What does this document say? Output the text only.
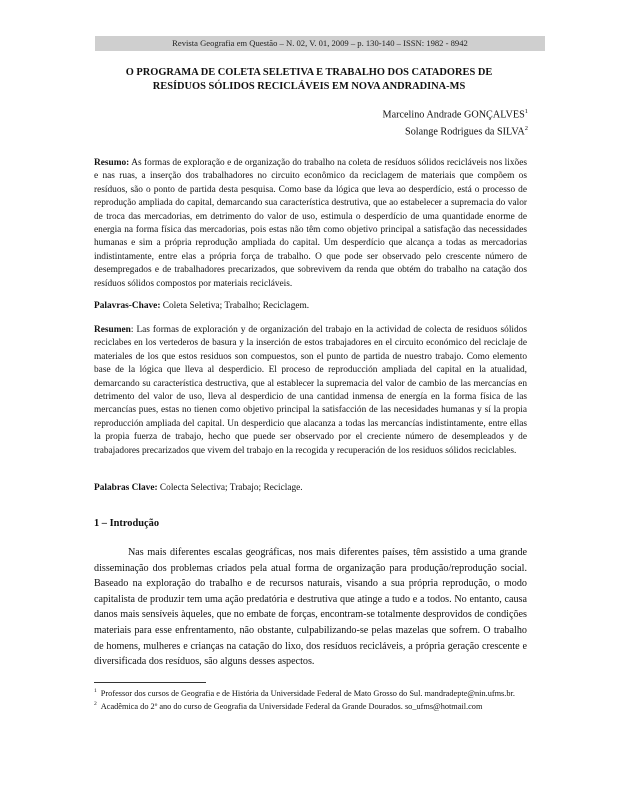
Revista Geografia em Questão – N. 02, V. 01, 2009 – p. 130-140 – ISSN: 1982 - 8942
O PROGRAMA DE COLETA SELETIVA E TRABALHO DOS CATADORES DE
RESÍDUOS SÓLIDOS RECICLÁVEIS EM NOVA ANDRADINA-MS
Marcelino Andrade GONÇALVES$^1$
Solange Rodrigues da SILVA$^2$
Resumo: As formas de exploração e de organização do trabalho na coleta de resíduos sólidos recicláveis nos lixões e nas ruas, a inserção dos trabalhadores no circuito econômico da reciclagem de materiais que compõem os resíduos, são o ponto de partida desta pesquisa. Como base da lógica que leva ao desperdício, está o processo de reprodução ampliada do capital, demarcando sua característica destrutiva, que ao estabelecer a supremacia do valor de troca das mercadorias, em detrimento do valor de uso, estimula o desperdício de uma quantidade enorme de energia na forma física das mercadorias, pois estas não têm como objetivo principal a satisfação das necessidades humanas e sim a própria reprodução ampliada do capital. Um desperdício que alcança a todas as mercadorias indistintamente, entre elas a própria força de trabalho. O que pode ser observado pelo crescente número de desempregados e de trabalhadores precarizados, que sobrevivem da renda que obtém do trabalho na catação dos resíduos sólidos compostos por materiais recicláveis.
Palavras-Chave: Coleta Seletiva; Trabalho; Reciclagem.
Resumen: Las formas de exploración y de organización del trabajo en la actividad de colecta de residuos sólidos reciclabes en los vertederos de basura y la inserción de estos trabajadores en el circuito económico del reciclaje de materiales de los que estos residuos son compuestos, son el punto de partida de nuestro trabajo. Como elemento base de la lógica que lleva al desperdicio. El proceso de reproducción ampliada del capital en la atualidad, demarcando su característica destructiva, que al establecer la supremacia del valor de cambio de las mercancías en detrimento del valor de uso, lleva al desperdicio de una cantidad inmensa de energía en la forma física de las mercancías pues, estas no tienen como objetivo principal la satisfacción de las necesidades humanas y sí la propia reproducción ampliada del capital. Un desperdicio que alacanza a todas las mercancías indistintamente, entre ellas la propia fuerza de trabajo, hecho que puede ser observado por el creciente número de desempleados y de trabajadores precarizados que vivem del trabajo en la recogida y recuperación de los residuos sólidos reciclables.
Palabras Clave: Colecta Selectiva; Trabajo; Reciclage.
1 – Introdução
Nas mais diferentes escalas geográficas, nos mais diferentes países, têm assistido a uma grande disseminação dos problemas criados pela atual forma de organização para produção/reprodução social. Baseado na exploração do trabalho e de recursos naturais, visando a sua própria reprodução, o modo capitalista de produzir tem uma ação predatória e destrutiva que atinge a tudo e a todos. No entanto, causa danos mais sensíveis àqueles, que no embate de forças, encontram-se totalmente desprovidos de condições materiais para esse enfrentamento, não obstante, culpabilizando-se pelas mazelas que sofrem. O trabalho de homens, mulheres e crianças na catação do lixo, dos resíduos recicláveis, a própria geração crescente e diversificada dos resíduos, são alguns desses aspectos.

$^1$ Professor dos cursos de Geografia e de História da Universidade Federal de Mato Grosso do Sul. mandradepte@nin.ufms.br.

$^2$ Acadêmica do 2º ano do curso de Geografia da Universidade Federal da Grande Dourados. so_ufms@hotmail.com
